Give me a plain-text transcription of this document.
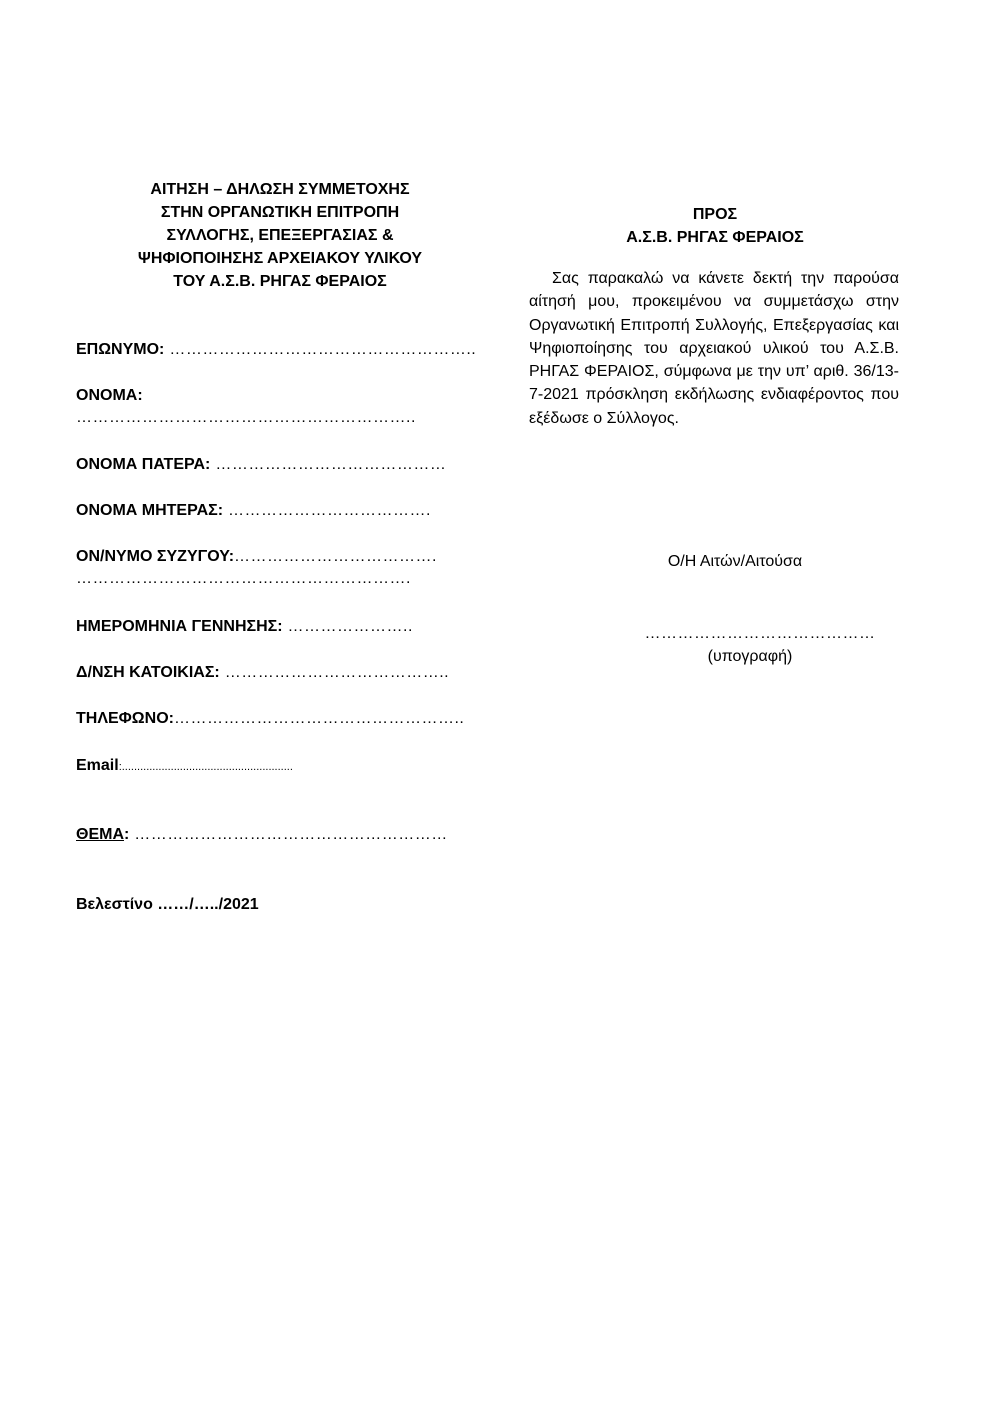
ΑΙΤΗΣΗ – ΔΗΛΩΣΗ ΣΥΜΜΕΤΟΧΗΣ
ΣΤΗΝ ΟΡΓΑΝΩΤΙΚΗ ΕΠΙΤΡΟΠΗ
ΣΥΛΛΟΓΗΣ, ΕΠΕΞΕΡΓΑΣΙΑΣ &
ΨΗΦΙΟΠΟΙΗΣΗΣ ΑΡΧΕΙΑΚΟΥ ΥΛΙΚΟΥ
ΤΟΥ Α.Σ.Β. ΡΗΓΑΣ ΦΕΡΑΙΟΣ
ΕΠΩΝΥΜΟ: ………………………………………………..
ΟΝΟΜΑ:
……………………………………………………..
ΟΝΟΜΑ ΠΑΤΕΡΑ: ……………………………………
ΟΝΟΜΑ ΜΗΤΕΡΑΣ: ……………………………….
ΟΝ/ΝΥΜΟ ΣΥΖΥΓΟΥ:……………………………….
…………………………………………………….
ΗΜΕΡΟΜΗΝΙΑ ΓΕΝΝΗΣΗΣ: …………………..
Δ/ΝΣΗ ΚΑΤΟΙΚΙΑΣ: …………………………………..
ΤΗΛΕΦΩΝΟ:……………………………………………..
Email:........................................................
ΘΕΜΑ: …………………………………………………
Βελεστίνο ……/…../2021
ΠΡΟΣ
Α.Σ.Β. ΡΗΓΑΣ ΦΕΡΑΙΟΣ
Σας παρακαλώ να κάνετε δεκτή την παρούσα αίτησή μου, προκειμένου να συμμετάσχω στην Οργανωτική Επιτροπή Συλλογής, Επεξεργασίας και Ψηφιοποίησης του αρχειακού υλικού του Α.Σ.Β. ΡΗΓΑΣ ΦΕΡΑΙΟΣ, σύμφωνα με την υπ’ αριθ. 36/13-7-2021 πρόσκληση εκδήλωσης ενδιαφέροντος που εξέδωσε ο Σύλλογος.
Ο/Η Αιτών/Αιτούσα
……………………………………
(υπογραφή)
